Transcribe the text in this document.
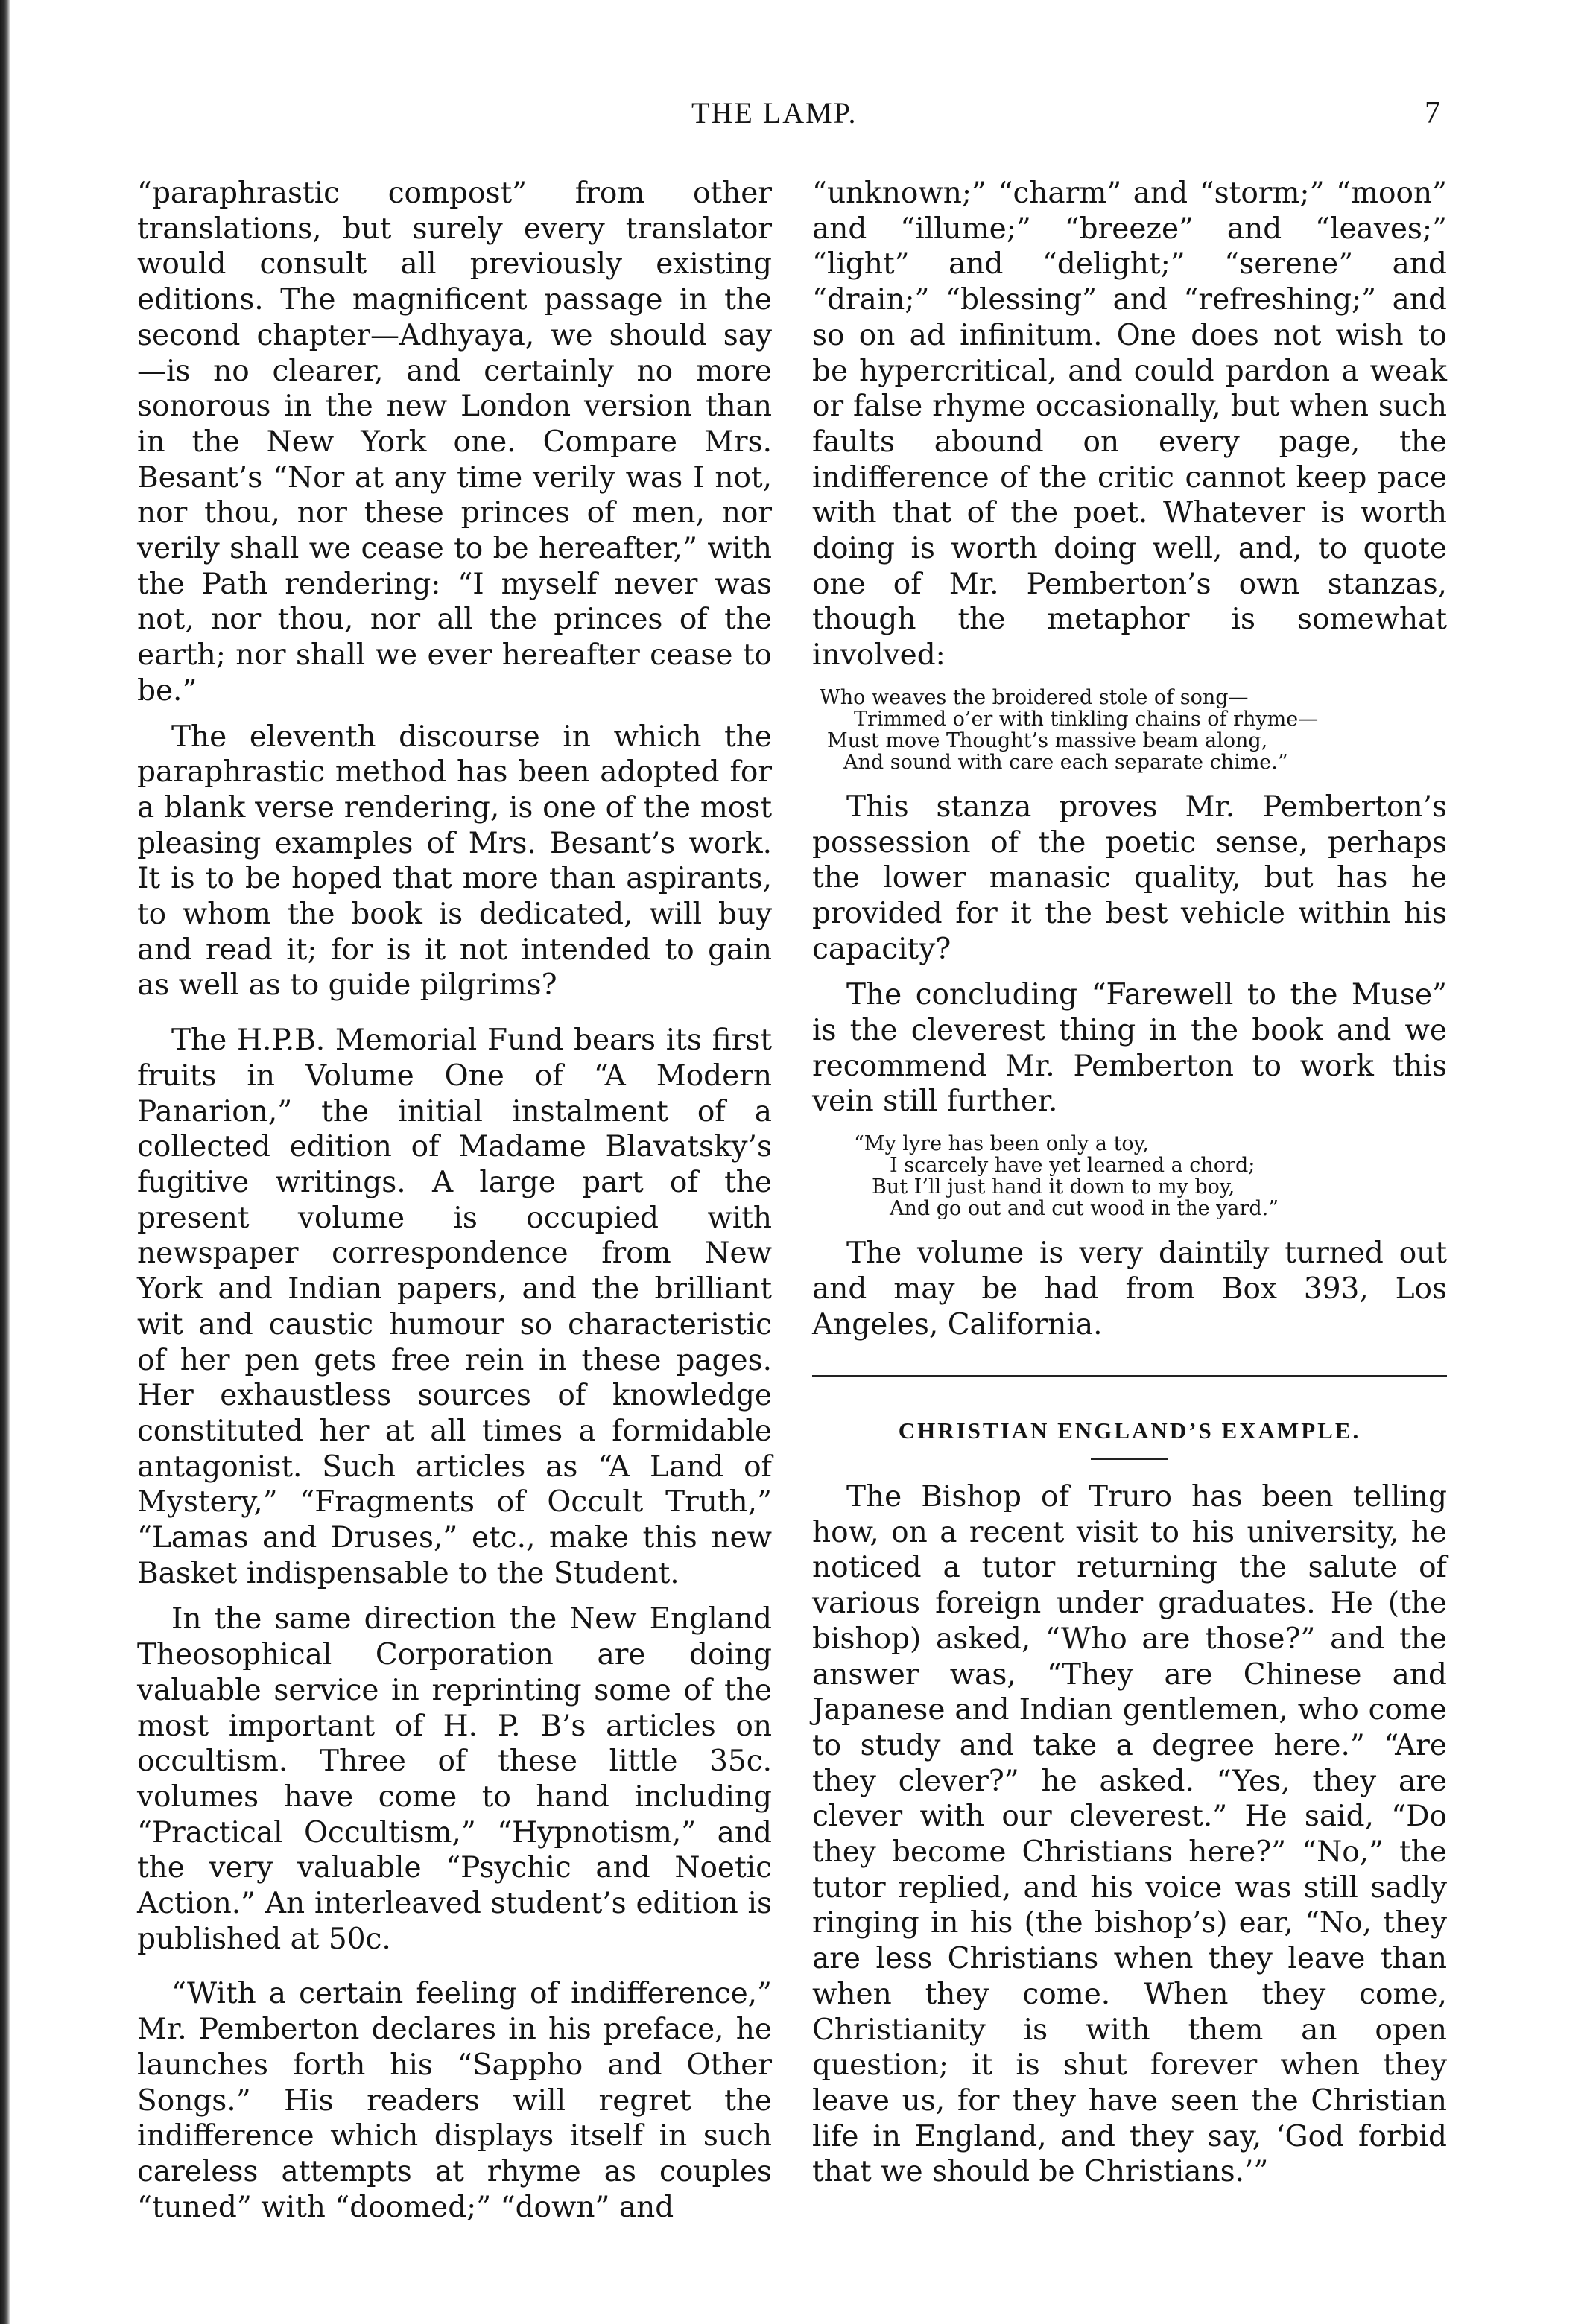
THE LAMP.	7

“paraphrastic compost” from other translations, but surely every translator would consult all previously existing editions. The magnificent passage in the second chapter—Adhyaya, we should say—is no clearer, and certainly no more sonorous in the new London version than in the New York one. Compare Mrs. Besant’s “Nor at any time verily was I not, nor thou, nor these princes of men, nor verily shall we cease to be hereafter,” with the Path rendering: “I myself never was not, nor thou, nor all the princes of the earth; nor shall we ever hereafter cease to be.”

The eleventh discourse in which the paraphrastic method has been adopted for a blank verse rendering, is one of the most pleasing examples of Mrs. Besant’s work. It is to be hoped that more than aspirants, to whom the book is dedicated, will buy and read it; for is it not intended to gain as well as to guide pilgrims?

The H.P.B. Memorial Fund bears its first fruits in Volume One of “A Modern Panarion,” the initial instalment of a collected edition of Madame Blavatsky’s fugitive writings. A large part of the present volume is occupied with newspaper correspondence from New York and Indian papers, and the brilliant wit and caustic humour so characteristic of her pen gets free rein in these pages. Her exhaustless sources of knowledge constituted her at all times a formidable antagonist. Such articles as “A Land of Mystery,” “Fragments of Occult Truth,” “Lamas and Druses,” etc., make this new Basket indispensable to the Student.

In the same direction the New England Theosophical Corporation are doing valuable service in reprinting some of the most important of H. P. B’s articles on occultism. Three of these little 35c. volumes have come to hand including “Practical Occultism,” “Hypnotism,” and the very valuable “Psychic and Noetic Action.” An interleaved student’s edition is published at 50c.

“With a certain feeling of indifference,” Mr. Pemberton declares in his preface, he launches forth his “Sappho and Other Songs.” His readers will regret the indifference which displays itself in such careless attempts at rhyme as couples “tuned” with “doomed;” “down” and

“unknown;” “charm” and “storm;” “moon” and “illume;” “breeze” and “leaves;” “light” and “delight;” “serene” and “drain;” “blessing” and “refreshing;” and so on ad infinitum. One does not wish to be hypercritical, and could pardon a weak or false rhyme occasionally, but when such faults abound on every page, the indifference of the critic cannot keep pace with that of the poet. Whatever is worth doing is worth doing well, and, to quote one of Mr. Pemberton’s own stanzas, though the metaphor is somewhat involved:

Who weaves the broidered stole of song—
Trimmed o’er with tinkling chains of rhyme—
Must move Thought’s massive beam along,
And sound with care each separate chime.”

This stanza proves Mr. Pemberton’s possession of the poetic sense, perhaps the lower manasic quality, but has he provided for it the best vehicle within his capacity?

The concluding “Farewell to the Muse” is the cleverest thing in the book and we recommend Mr. Pemberton to work this vein still further.

“My lyre has been only a toy,
I scarcely have yet learned a chord;
But I’ll just hand it down to my boy,
And go out and cut wood in the yard.”

The volume is very daintily turned out and may be had from Box 393, Los Angeles, California.

CHRISTIAN ENGLAND’S EXAMPLE.

The Bishop of Truro has been telling how, on a recent visit to his university, he noticed a tutor returning the salute of various foreign under graduates. He (the bishop) asked, “Who are those?” and the answer was, “They are Chinese and Japanese and Indian gentlemen, who come to study and take a degree here.” “Are they clever?” he asked. “Yes, they are clever with our cleverest.” He said, “Do they become Christians here?” “No,” the tutor replied, and his voice was still sadly ringing in his (the bishop’s) ear, “No, they are less Christians when they leave than when they come. When they come, Christianity is with them an open question; it is shut forever when they leave us, for they have seen the Christian life in England, and they say, ‘God forbid that we should be Christians.’”
